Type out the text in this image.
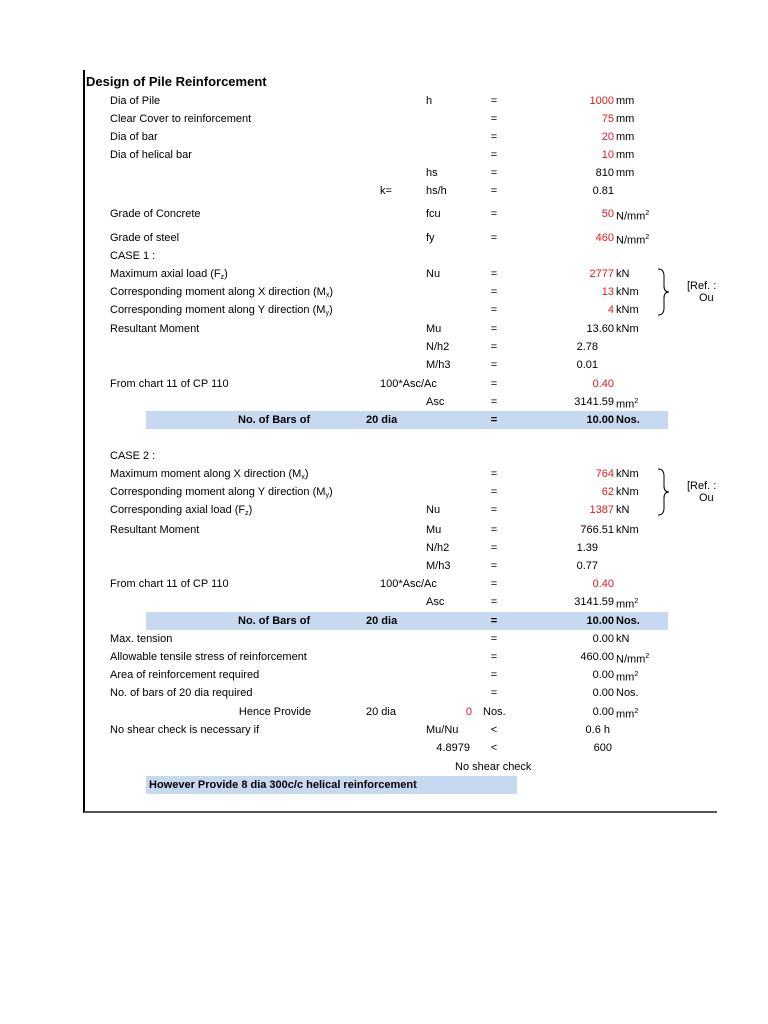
Design of Pile Reinforcement
Dia of Pile	h	=	1000 mm
Clear Cover to reinforcement	=	75 mm
Dia of bar	=	20 mm
Dia of helical bar	=	10 mm
hs	=	810 mm
k=	hs/h	=	0.81
Grade of Concrete	fcu	=	50 $N/mm^2$
Grade of steel	fy	=	460 $N/mm^2$
CASE 1 :
Maximum axial load $(F_z)$	Nu	=	2777 kN
Corresponding moment along X direction $(M_x)$	=	13 kNm
Corresponding moment along Y direction $(M_y)$	=	4 kNm
[Ref. :
Ou
Resultant Moment	Mu	=	13.60 kNm
N/h2	=	2.78
M/h3	=	0.01
From chart 11 of CP 110	100*Asc/Ac	=	0.40
Asc	=	3141.59 $mm^2$
No. of Bars of	20 dia	=	10.00 Nos.
CASE 2 :
Maximum moment along X direction $(M_x)$	=	764 kNm
Corresponding moment along Y direction $(M_y)$	=	62 kNm
Corresponding axial load $(F_z)$	Nu	=	1387 kN
[Ref. :
Ou
Resultant Moment	Mu	=	766.51 kNm
N/h2	=	1.39
M/h3	=	0.77
From chart 11 of CP 110	100*Asc/Ac	=	0.40
Asc	=	3141.59 $mm^2$
No. of Bars of	20 dia	=	10.00 Nos.
Max. tension	=	0.00 kN
Allowable tensile stress of reinforcement	=	460.00 $N/mm^2$
Area of reinforcement required	=	0.00 $mm^2$
No. of bars of 20 dia required	=	0.00 Nos.
Hence Provide	20 dia	0 Nos.	0.00 $mm^2$
No shear check is necessary if	Mu/Nu	<	0.6 h
4.8979 <	600
No shear check
However Provide 8 dia 300c/c helical reinforcement
